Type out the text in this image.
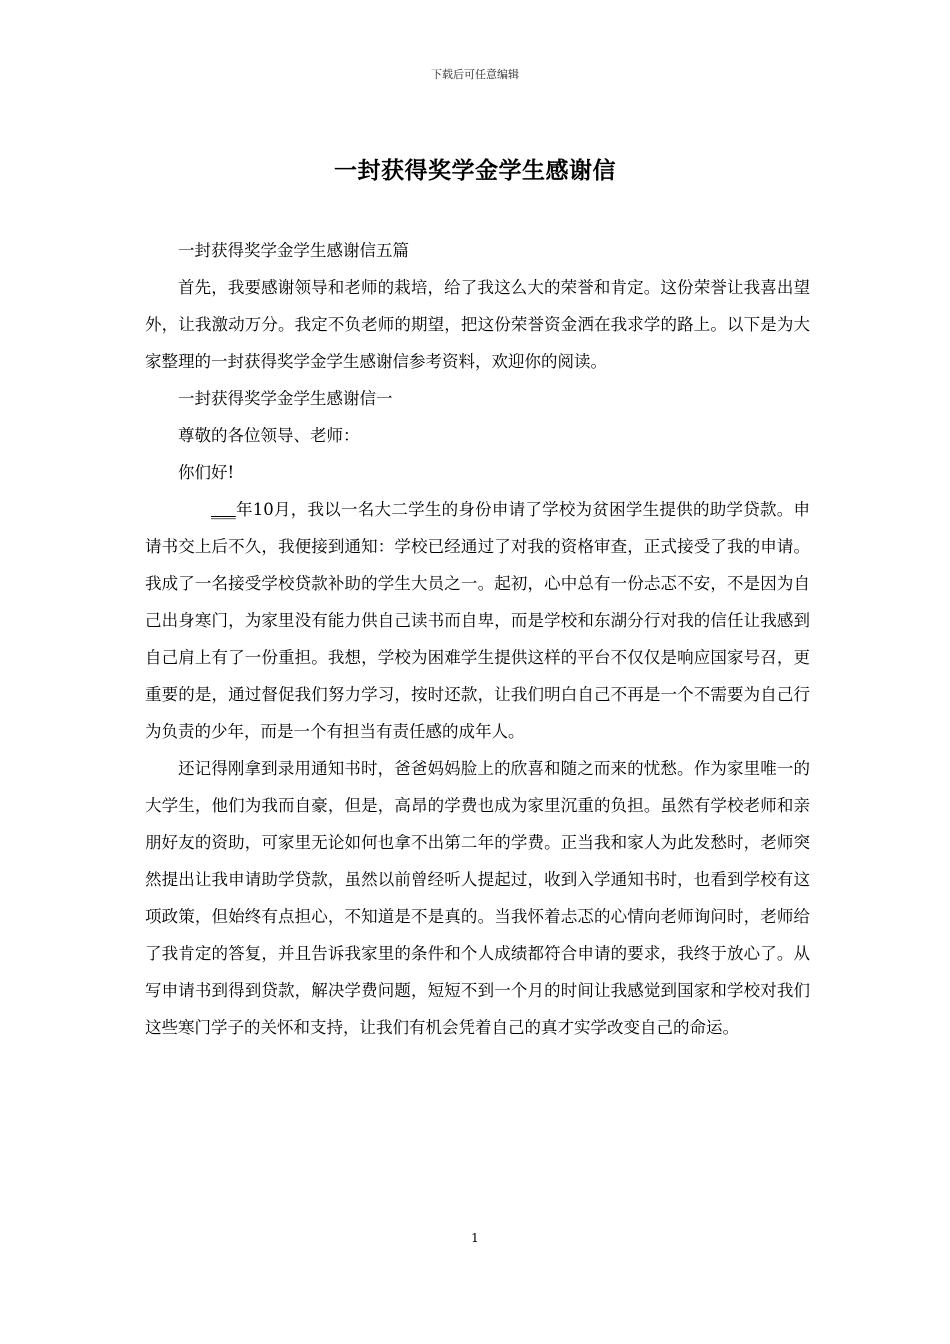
下载后可任意编辑
一封获得奖学金学生感谢信

一封获得奖学金学生感谢信五篇

首先，我要感谢领导和老师的栽培，给了我这么大的荣誉和肯定。这份荣誉让我喜出望外，让我激动万分。我定不负老师的期望，把这份荣誉资金洒在我求学的路上。以下是为大家整理的一封获得奖学金学生感谢信参考资料，欢迎你的阅读。

一封获得奖学金学生感谢信一

尊敬的各位领导、老师：

你们好!

___年10月，我以一名大二学生的身份申请了学校为贫困学生提供的助学贷款。申请书交上后不久，我便接到通知：学校已经通过了对我的资格审查，正式接受了我的申请。我成了一名接受学校贷款补助的学生大员之一。起初，心中总有一份忐忑不安，不是因为自己出身寒门，为家里没有能力供自己读书而自卑，而是学校和东湖分行对我的信任让我感到自己肩上有了一份重担。我想，学校为困难学生提供这样的平台不仅仅是响应国家号召，更重要的是，通过督促我们努力学习，按时还款，让我们明白自己不再是一个不需要为自己行为负责的少年，而是一个有担当有责任感的成年人。

还记得刚拿到录用通知书时，爸爸妈妈脸上的欣喜和随之而来的忧愁。作为家里唯一的大学生，他们为我而自豪，但是，高昂的学费也成为家里沉重的负担。虽然有学校老师和亲朋好友的资助，可家里无论如何也拿不出第二年的学费。正当我和家人为此发愁时，老师突然提出让我申请助学贷款，虽然以前曾经听人提起过，收到入学通知书时，也看到学校有这项政策，但始终有点担心，不知道是不是真的。当我怀着忐忑的心情向老师询问时，老师给了我肯定的答复，并且告诉我家里的条件和个人成绩都符合申请的要求，我终于放心了。从写申请书到得到贷款，解决学费问题，短短不到一个月的时间让我感觉到国家和学校对我们这些寒门学子的关怀和支持，让我们有机会凭着自己的真才实学改变自己的命运。

1
